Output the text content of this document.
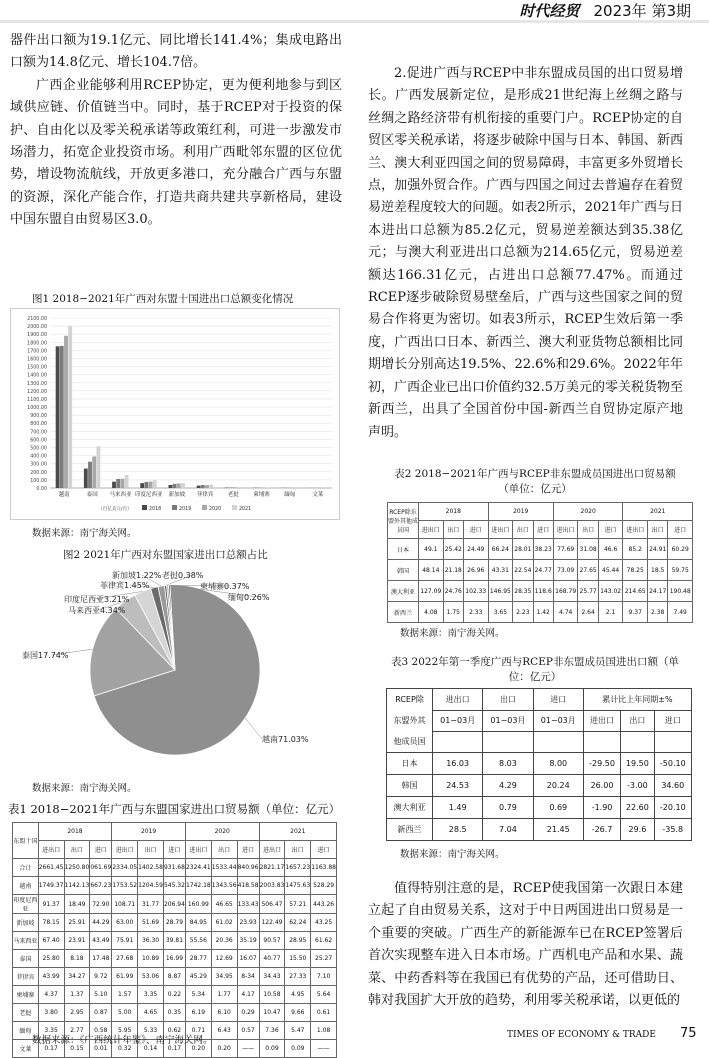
时代经贸 2023年 第3期

器件出口额为19.1亿元、同比增长141.4%；集成电路出口额为14.8亿元、增长104.7倍。

广西企业能够利用RCEP协定，更为便利地参与到区域供应链、价值链当中。同时，基于RCEP对于投资的保护、自由化以及零关税承诺等政策红利，可进一步激发市场潜力，拓宽企业投资市场。利用广西毗邻东盟的区位优势，增设物流航线，开放更多港口，充分融合广西与东盟的资源，深化产能合作，打造共商共建共享新格局，建设中国东盟自由贸易区3.0。

图1 2018−2021年广西对东盟十国进出口总额变化情况
0.00
100.00
200.00
300.00
400.00
500.00
600.00
700.00
800.00
900.00
1000.00
1100.00
1200.00
1300.00
1400.00
1500.00
1600.00
1700.00
1800.00
1900.00
2000.00
2100.00
越南	泰国 马来西亚 印度尼西亚 新加坡 菲律宾	老挝	柬埔寨	缅甸	文莱
（百亿美元/百）	2018	2019	2020	2021
数据来源：南宁海关网。
图2 2021年广西对东盟国家进出口总额占比
越南71.03%
泰国17.74%
马来西亚4.34%
印度尼西亚3.21%
菲律宾1.45%
新加坡1.22% 老挝0.38%
柬埔寨0.37%
缅甸0.26%
数据来源：南宁海关网。
表1 2018−2021年广西与东盟国家进出口贸易额（单位：亿元）
东盟十国	2018			2019			2020			2021		
	进出口	出口	进口	进出口	出口	进口	进出口	出口	进口	进出口	出口	进口
合计	2661.45	1250.80	061.69	2334.05	1402.58	931.68	2324.41	1533.44	840.96	2821.17	1657.23	1163.88
越南	1749.37	1142.13	667.23	1753.52	1204.59	545.32	1742.18	1343.56	418.58	2003.83	1475.63	528.29
印度尼西亚	91.37	18.49	72.90	108.71	31.77	206.94	160.99	46.65	133.43	506.47	57.21	443.26
新加坡	78.15	25.91	44.29	63.00	51.69	28.79	84.95	61.02	23.93	122.49	62.24	43.25
马来西亚	67.40	23.91	43.49	75.91	36.30	39.81	55.56	20.36	35.19	90.57	28.95	61.62
泰国	25.80	8.18	17.48	27.68	10.89	16.99	28.77	12.69	16.07	40.77	15.50	25.27
菲律宾	43.99	34.27	9.72	61.99	53.06	8.87	45.29	34.95	8-34	34.43	27.33	7.10
柬埔寨	4.37	1.37	5.10	1.57	3.35	0.22	5.34	1.77	4.17	10.58	4.95	5.64
老挝	3.80	2.95	0.87	5.00	4.65	0.35	6.19	6.10	0.29	10.47	9.66	0.61
缅甸	3.35	2.77	0.58	5.95	5.33	0.62	0.71	6.43	0.57	7.36	5.47	1.08
文莱	0.17	0.15	0.01	0.32	0.14	0.17	0.20	0.20	——	0.09	0.09	——
数据来源：《广西统计年鉴》、南宁海关网。

2.促进广西与RCEP中非东盟成员国的出口贸易增长。广西发展新定位，是形成21世纪海上丝绸之路与丝绸之路经济带有机衔接的重要门户。RCEP协定的自贸区零关税承诺，将逐步破除中国与日本、韩国、新西兰、澳大利亚四国之间的贸易障碍，丰富更多外贸增长点，加强外贸合作。广西与四国之间过去普遍存在着贸易逆差程度较大的问题。如表2所示，2021年广西与日本进出口总额为85.2亿元，贸易逆差额达到35.38亿元；与澳大利亚进出口总额为214.65亿元，贸易逆差额达166.31亿元，占进出口总额77.47%。而通过RCEP逐步破除贸易壁垒后，广西与这些国家之间的贸易合作将更为密切。如表3所示，RCEP生效后第一季度，广西出口日本、新西兰、澳大利亚货物总额相比同期增长分别高达19.5%、22.6%和29.6%。2022年年初，广西企业已出口价值约32.5万美元的零关税货物至新西兰，出具了全国首份中国-新西兰自贸协定原产地声明。

表2 2018−2021年广西与RCEP非东盟成员国进出口贸易额（单位：亿元）
RCEP除东盟外其他成员国	2018			2019			2020			2021		
	进出口	出口	进口	进出口	出口	进口	进出口	出口	进口	进出口	出口	进口
日本	49.1	25.42	24.49	66.24	28.01	38.23	77.69	31.08	46.6	85.2	24.91	60.29
韩国	48.14	21.18	26.96	43.31	22.54	24.77	73.09	27.65	45.44	78.25	18.5	59.75
澳大利亚	127.09	24.76	102.33	146.95	28.35	118.6	168.79	25.77	143.02	214.65	24.17	190.48
新西兰	4.08	1.75	2.33	3.65	2.23	1.42	4.74	2.64	2.1	9.37	2.38	7.49
数据来源：南宁海关网。
表3 2022年第一季度广西与RCEP非东盟成员国进出口额（单位：亿元）
RCEP除	进出口	出口	进口	累计比上年同期±%		
东盟外其	01−03月	01−03月	01−03月	进出口	出口	进口
他成员国						
日本	16.03	8.03	8.00	-29.50	19.50	-50.10
韩国	24.53	4.29	20.24	26.00	-3.00	34.60
澳大利亚	1.49	0.79	0.69	-1.90	22.60	-20.10
新西兰	28.5	7.04	21.45	-26.7	29.6	-35.8
数据来源：南宁海关网。

值得特别注意的是，RCEP使我国第一次跟日本建立起了自由贸易关系，这对于中日两国进出口贸易是一个重要的突破。广西生产的新能源车已在RCEP签署后首次实现整车进入日本市场。广西机电产品和水果、蔬菜、中药香料等在我国已有优势的产品，还可借助日、韩对我国扩大开放的趋势，利用零关税承诺，以更低的

TIMES OF ECONOMY & TRADE 75
